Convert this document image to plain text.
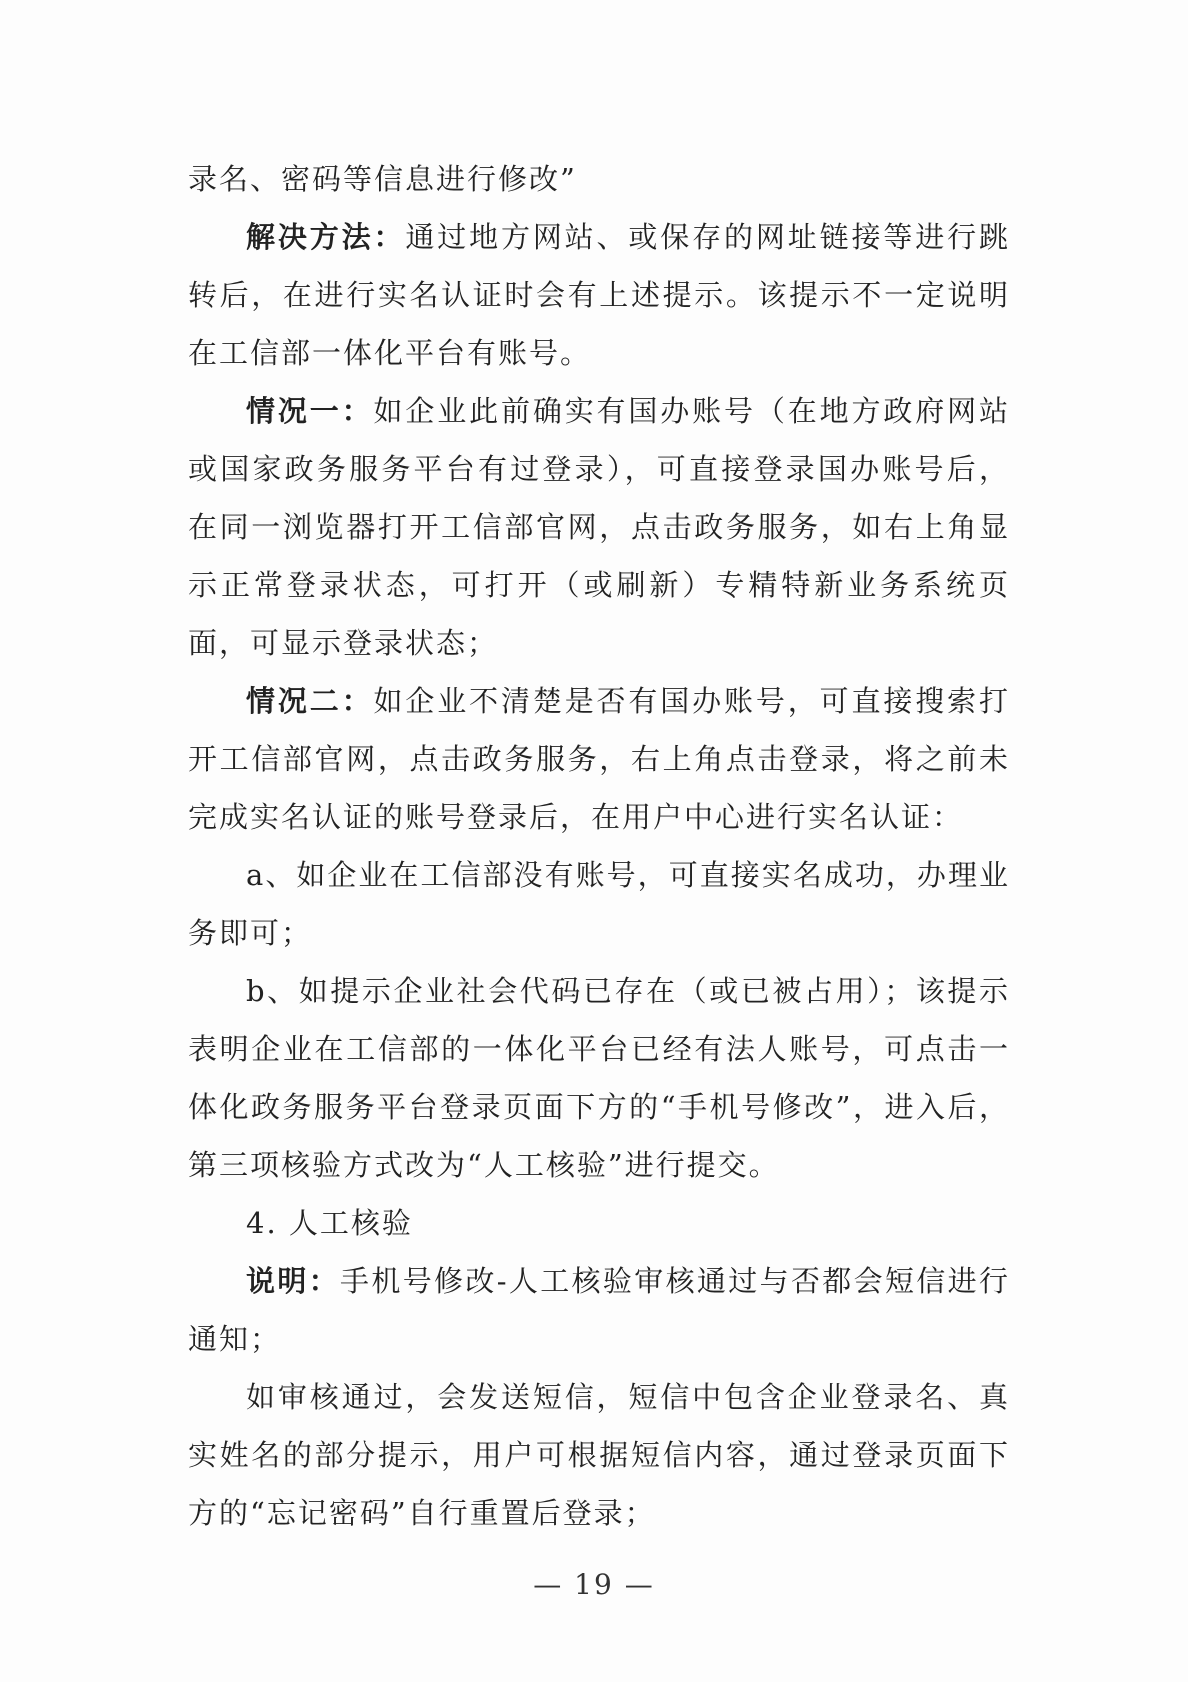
录名、密码等信息进行修改”

解决方法：通过地方网站、或保存的网址链接等进行跳转后，在进行实名认证时会有上述提示。该提示不一定说明在工信部一体化平台有账号。

情况一：如企业此前确实有国办账号（在地方政府网站或国家政务服务平台有过登录），可直接登录国办账号后，在同一浏览器打开工信部官网，点击政务服务，如右上角显示正常登录状态，可打开（或刷新）专精特新业务系统页面，可显示登录状态；

情况二：如企业不清楚是否有国办账号，可直接搜索打开工信部官网，点击政务服务，右上角点击登录，将之前未完成实名认证的账号登录后，在用户中心进行实名认证：

a、如企业在工信部没有账号，可直接实名成功，办理业务即可；

b、如提示企业社会代码已存在（或已被占用）；该提示表明企业在工信部的一体化平台已经有法人账号，可点击一体化政务服务平台登录页面下方的“手机号修改”，进入后，第三项核验方式改为“人工核验”进行提交。

4. 人工核验

说明：手机号修改-人工核验审核通过与否都会短信进行通知；

如审核通过，会发送短信，短信中包含企业登录名、真实姓名的部分提示，用户可根据短信内容，通过登录页面下方的“忘记密码”自行重置后登录；

— 19 —
